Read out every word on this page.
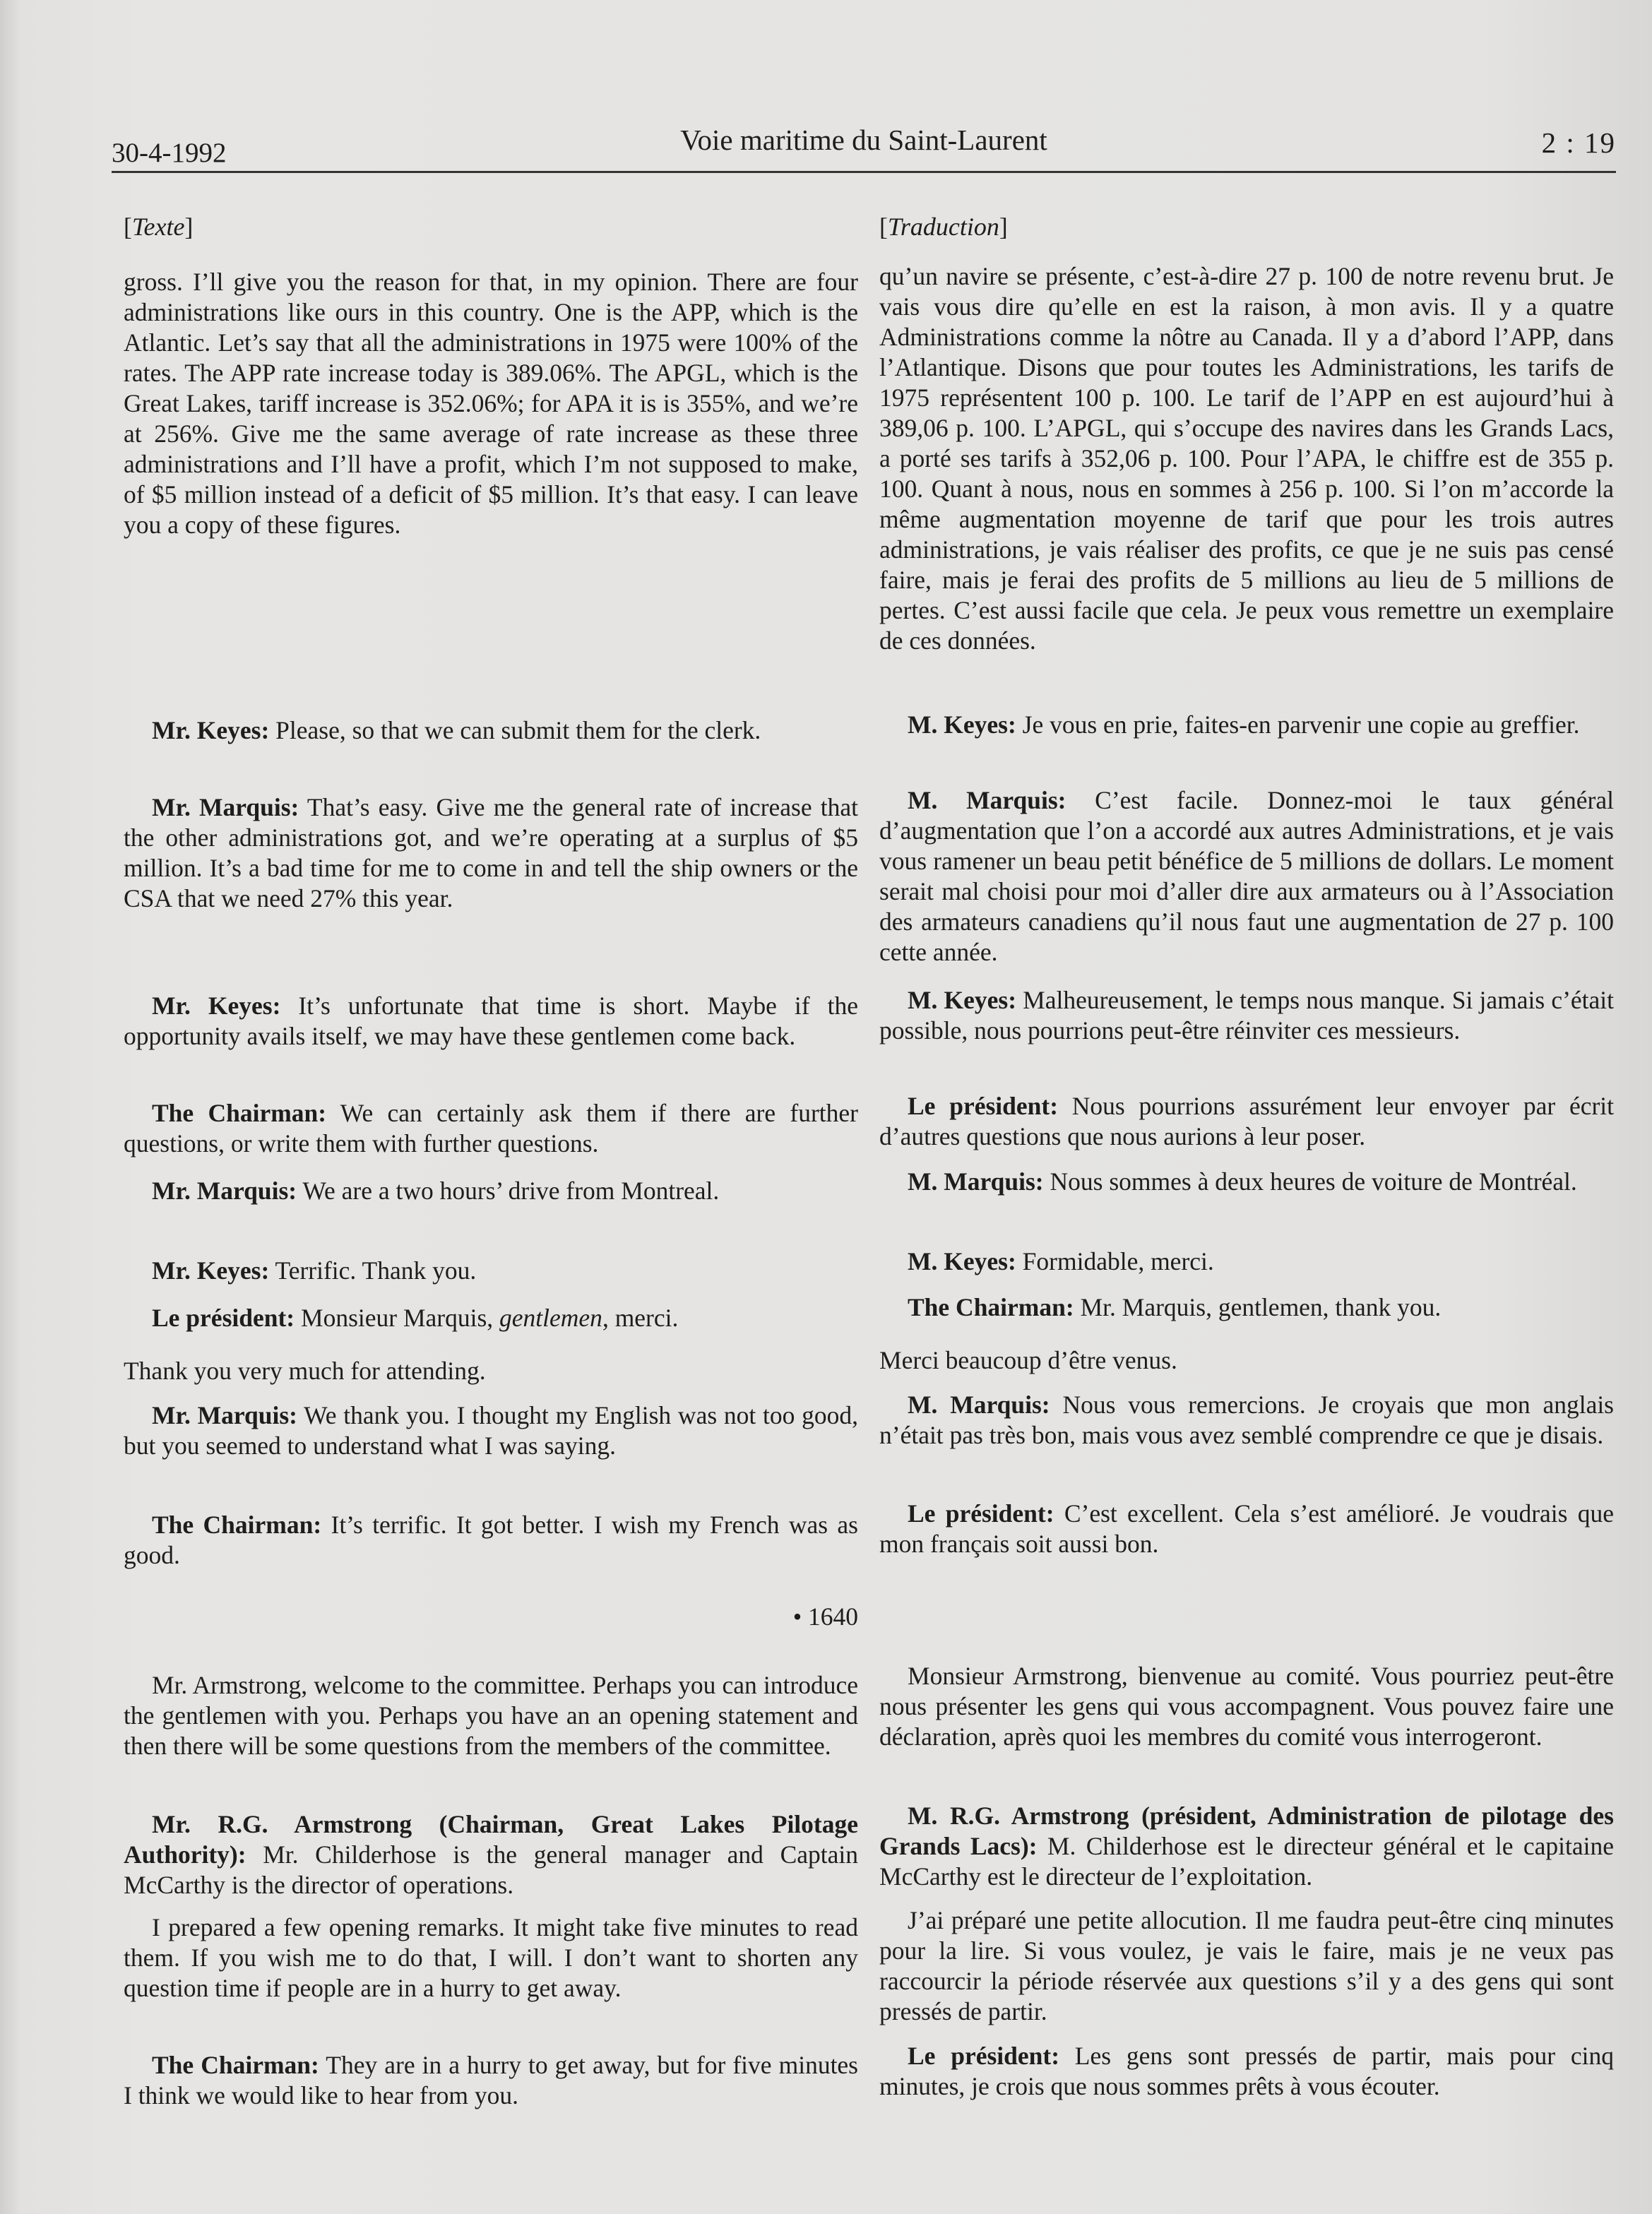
30-4-1992	Voie maritime du Saint-Laurent	2 : 19
[Texte]

gross. I’ll give you the reason for that, in my opinion. There are four administrations like ours in this country. One is the APP, which is the Atlantic. Let’s say that all the administrations in 1975 were 100% of the rates. The APP rate increase today is 389.06%. The APGL, which is the Great Lakes, tariff increase is 352.06%; for APA it is is 355%, and we’re at 256%. Give me the same average of rate increase as these three administrations and I’ll have a profit, which I’m not supposed to make, of $5 million instead of a deficit of $5 million. It’s that easy. I can leave you a copy of these figures.

Mr. Keyes: Please, so that we can submit them for the clerk.

Mr. Marquis: That’s easy. Give me the general rate of increase that the other administrations got, and we’re operating at a surplus of $5 million. It’s a bad time for me to come in and tell the ship owners or the CSA that we need 27% this year.

Mr. Keyes: It’s unfortunate that time is short. Maybe if the opportunity avails itself, we may have these gentlemen come back.

The Chairman: We can certainly ask them if there are further questions, or write them with further questions.

Mr. Marquis: We are a two hours’ drive from Montreal.

Mr. Keyes: Terrific. Thank you.

Le président: Monsieur Marquis, gentlemen, merci.

Thank you very much for attending.

Mr. Marquis: We thank you. I thought my English was not too good, but you seemed to understand what I was saying.

The Chairman: It’s terrific. It got better. I wish my French was as good.

• 1640

Mr. Armstrong, welcome to the committee. Perhaps you can introduce the gentlemen with you. Perhaps you have an an opening statement and then there will be some questions from the members of the committee.

Mr. R.G. Armstrong (Chairman, Great Lakes Pilotage Authority): Mr. Childerhose is the general manager and Captain McCarthy is the director of operations.

I prepared a few opening remarks. It might take five minutes to read them. If you wish me to do that, I will. I don’t want to shorten any question time if people are in a hurry to get away.

The Chairman: They are in a hurry to get away, but for five minutes I think we would like to hear from you.

[Traduction]

qu’un navire se présente, c’est-à-dire 27 p. 100 de notre revenu brut. Je vais vous dire qu’elle en est la raison, à mon avis. Il y a quatre Administrations comme la nôtre au Canada. Il y a d’abord l’APP, dans l’Atlantique. Disons que pour toutes les Administrations, les tarifs de 1975 représentent 100 p. 100. Le tarif de l’APP en est aujourd’hui à 389,06 p. 100. L’APGL, qui s’occupe des navires dans les Grands Lacs, a porté ses tarifs à 352,06 p. 100. Pour l’APA, le chiffre est de 355 p. 100. Quant à nous, nous en sommes à 256 p. 100. Si l’on m’accorde la même augmentation moyenne de tarif que pour les trois autres administrations, je vais réaliser des profits, ce que je ne suis pas censé faire, mais je ferai des profits de 5 millions au lieu de 5 millions de pertes. C’est aussi facile que cela. Je peux vous remettre un exemplaire de ces données.

M. Keyes: Je vous en prie, faites-en parvenir une copie au greffier.

M. Marquis: C’est facile. Donnez-moi le taux général d’augmentation que l’on a accordé aux autres Administrations, et je vais vous ramener un beau petit bénéfice de 5 millions de dollars. Le moment serait mal choisi pour moi d’aller dire aux armateurs ou à l’Association des armateurs canadiens qu’il nous faut une augmentation de 27 p. 100 cette année.

M. Keyes: Malheureusement, le temps nous manque. Si jamais c’était possible, nous pourrions peut-être réinviter ces messieurs.

Le président: Nous pourrions assurément leur envoyer par écrit d’autres questions que nous aurions à leur poser.

M. Marquis: Nous sommes à deux heures de voiture de Montréal.

M. Keyes: Formidable, merci.

The Chairman: Mr. Marquis, gentlemen, thank you.

Merci beaucoup d’être venus.

M. Marquis: Nous vous remercions. Je croyais que mon anglais n’était pas très bon, mais vous avez semblé comprendre ce que je disais.

Le président: C’est excellent. Cela s’est amélioré. Je voudrais que mon français soit aussi bon.

Monsieur Armstrong, bienvenue au comité. Vous pourriez peut-être nous présenter les gens qui vous accompagnent. Vous pouvez faire une déclaration, après quoi les membres du comité vous interrogeront.

M. R.G. Armstrong (président, Administration de pilotage des Grands Lacs): M. Childerhose est le directeur général et le capitaine McCarthy est le directeur de l’exploitation.

J’ai préparé une petite allocution. Il me faudra peut-être cinq minutes pour la lire. Si vous voulez, je vais le faire, mais je ne veux pas raccourcir la période réservée aux questions s’il y a des gens qui sont pressés de partir.

Le président: Les gens sont pressés de partir, mais pour cinq minutes, je crois que nous sommes prêts à vous écouter.
